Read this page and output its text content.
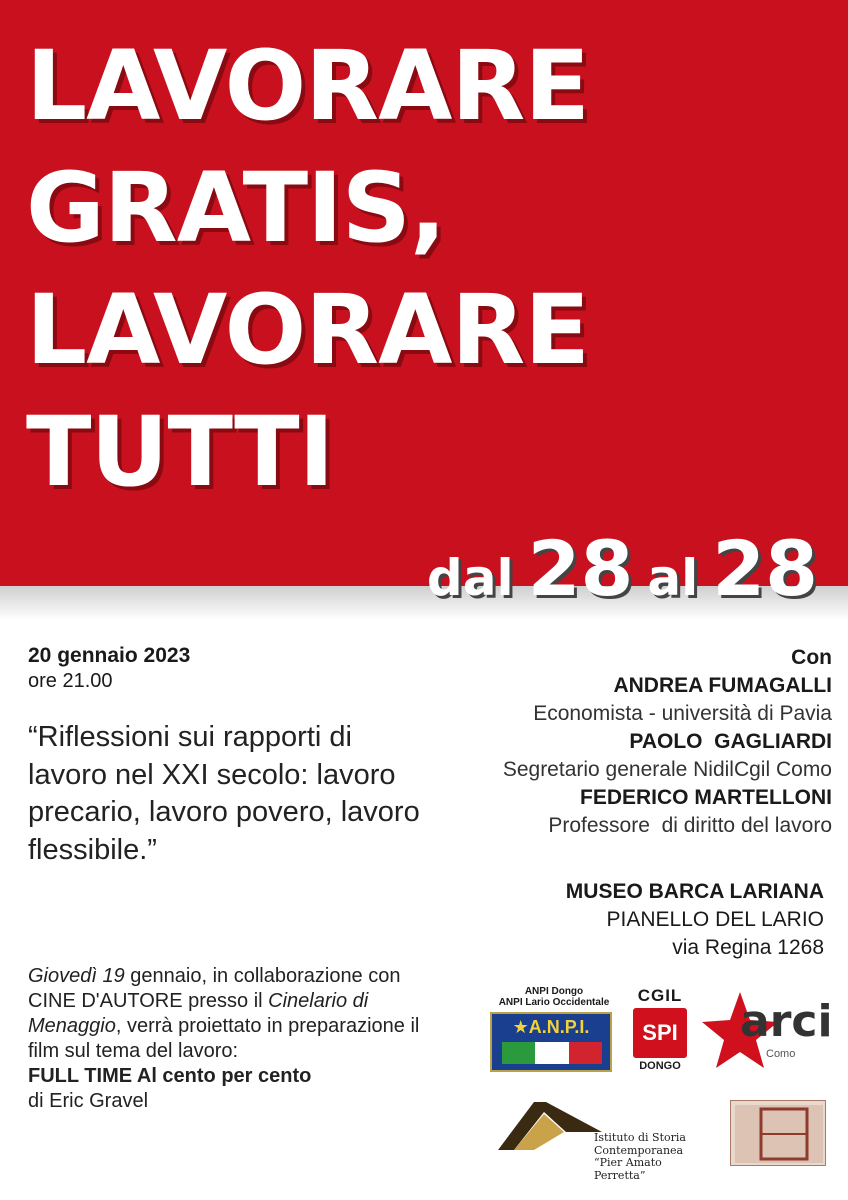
LAVORARE
GRATIS,
LAVORARE
TUTTI
dal 28 al 28
20 gennaio 2023
ore 21.00
“Riflessioni sui rapporti di lavoro nel XXI secolo: lavoro precario, lavoro povero, lavoro flessibile.”
Con
ANDREA FUMAGALLI
Economista - università di Pavia
PAOLO  GAGLIARDI
Segretario generale NidilCgil Como
FEDERICO MARTELLONI
Professore  di diritto del lavoro
MUSEO BARCA LARIANA
PIANELLO DEL LARIO
via Regina 1268
Giovedì 19 gennaio, in collaborazione con CINE D'AUTORE presso il Cinelario di Menaggio, verrà proiettato in preparazione il film sul tema del lavoro:
FULL TIME Al cento per cento
di Eric Gravel
ANPI Dongo
ANPI Lario Occidentale
★A.N.P.I.
CGIL
SPI
DONGO
arci
Como
Istituto di Storia
Contemporanea
“Pier Amato Perretta”
